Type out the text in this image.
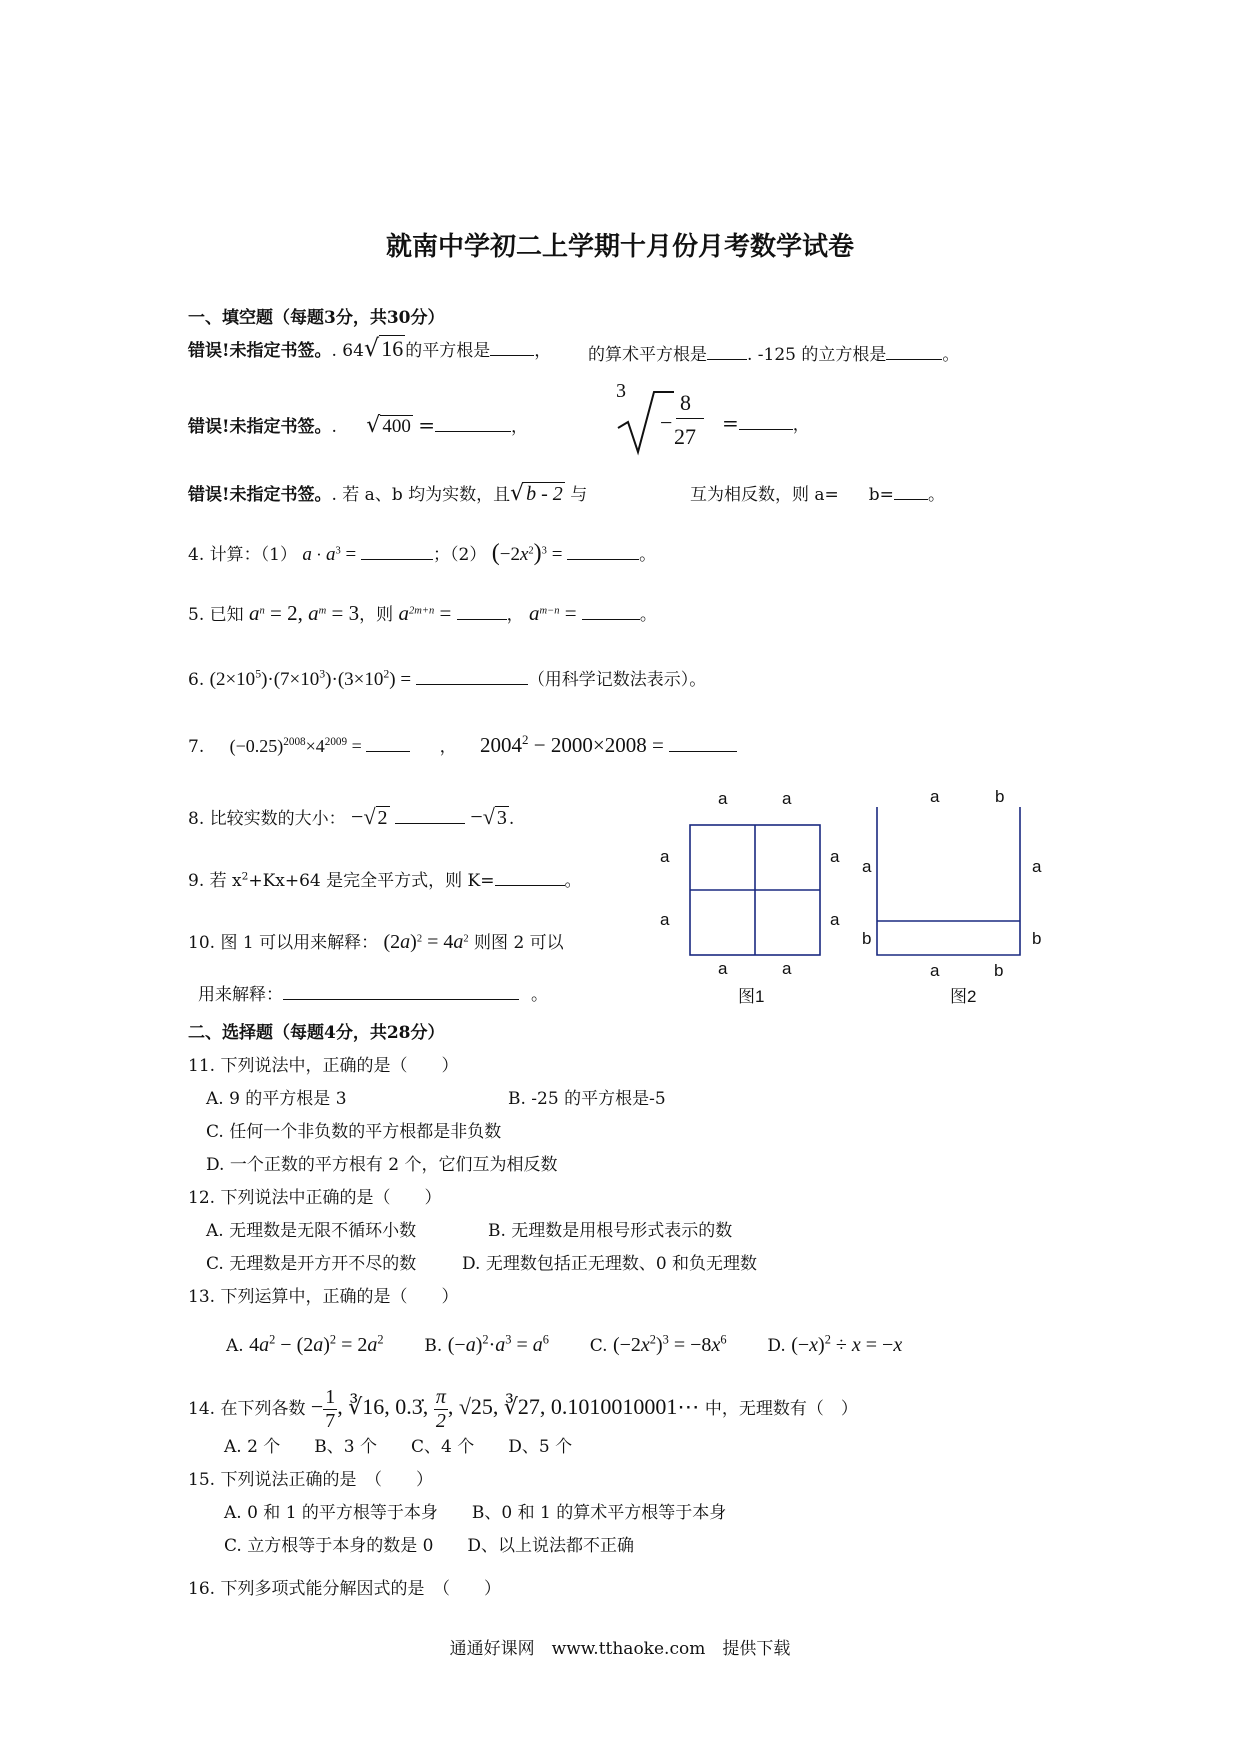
就南中学初二上学期十月份月考数学试卷
一、填空题（每题3分，共30分）
错误!未指定书签。. 64√16 的平方根是	， 的算术平方根是 . -125 的立方根是	。
错误!未指定书签。. √ 400 =	，
3
−
8
27
=	，
错误!未指定书签。. 若 a、b 均为实数，且√ b - 2 与	互为相反数，则 a= b= 。
4. 计算：（1） $a \cdot a^3$ =	；（2） $(-2x^2)^3$ =	。
5. 已知 $a^n = 2$, $a^m = 3$，则 $a^{2m+n}$ =	， $a^{m-n}$ =	。
6. $(2\times 10^5)\cdot(7\times 10^3)\cdot(3\times 10^2)$ =	（用科学记数法表示）。
7. $(-0.25)^{2008}\times 4^{2009}$ =	， $2004^2 - 2000\times 2008$ =
8. 比较实数的大小： −√ 2	−√ 3 .
9. 若 $x^2+Kx+64$ 是完全平方式，则 K=	。
10. 图 1 可以用来解释： $(2a)^2 = 4a^2$ 则图 2 可以
用来解释：	。
a	a
a
a
a
a
a	a
a	b
a	a
b	b
a	b
图1	图2
二、选择题（每题4分，共28分）
11. 下列说法中，正确的是（　　）
A. 9 的平方根是 3	B. -25 的平方根是-5
C. 任何一个非负数的平方根都是非负数
D. 一个正数的平方根有 2 个，它们互为相反数
12. 下列说法中正确的是（　　）
A. 无理数是无限不循环小数	B. 无理数是用根号形式表示的数
C. 无理数是开方开不尽的数	D. 无理数包括正无理数、0 和负无理数
13. 下列运算中，正确的是（　　）
A. $4a^2 - (2a)^2 = 2a^2$ B. $(-a)^2\cdot a^3 = a^6$ C. $(-2x^2)^3 = -8x^6$ D. $(-x)^2 \div x = -x$
14. 在下列各数 − $\frac{1}{7}$ , ∛16, 0.3̇, $\frac{\pi}{2}$ , √25, ∛27, 0.1010010001⋯ 中，无理数有（　）
A. 2 个　　B、3 个　　C、4 个　　D、5 个
15. 下列说法正确的是　（　　）
A. 0 和 1 的平方根等于本身　　B、0 和 1 的算术平方根等于本身
C. 立方根等于本身的数是 0　　D、以上说法都不正确
16. 下列多项式能分解因式的是　（　　）
通通好课网　www.tthaoke.com　提供下载
